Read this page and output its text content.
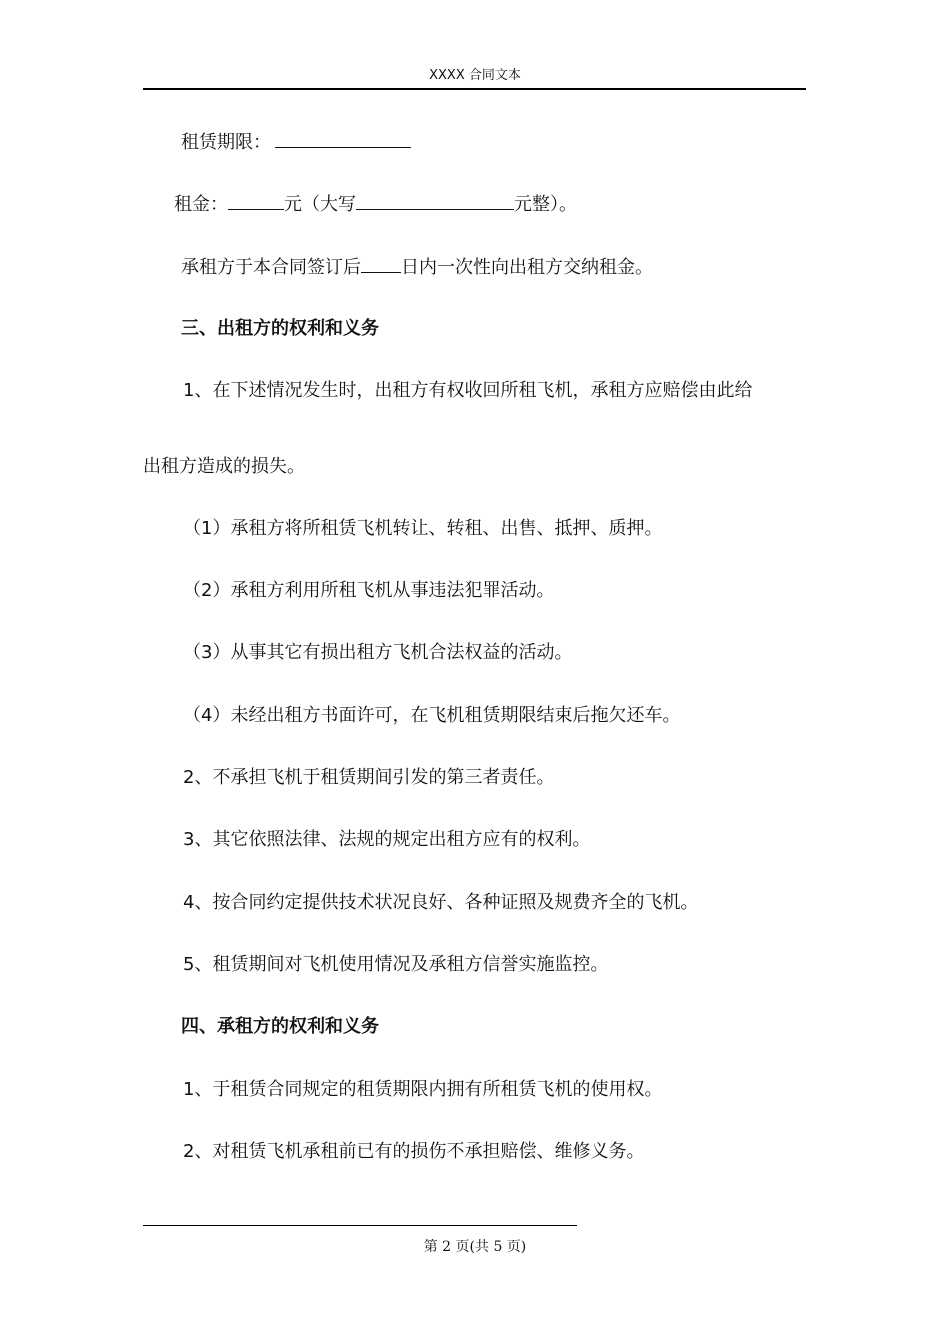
XXXX 合同文本
租赁期限：
租金：	元（大写	元整）。
承租方于本合同签订后 日内一次性向出租方交纳租金。
三、出租方的权利和义务
1、在下述情况发生时，出租方有权收回所租飞机，承租方应赔偿由此给
出租方造成的损失。
（1）承租方将所租赁飞机转让、转租、出售、抵押、质押。
（2）承租方利用所租飞机从事违法犯罪活动。
（3）从事其它有损出租方飞机合法权益的活动。
（4）未经出租方书面许可，在飞机租赁期限结束后拖欠还车。
2、不承担飞机于租赁期间引发的第三者责任。
3、其它依照法律、法规的规定出租方应有的权利。
4、按合同约定提供技术状况良好、各种证照及规费齐全的飞机。
5、租赁期间对飞机使用情况及承租方信誉实施监控。
四、承租方的权利和义务
1、于租赁合同规定的租赁期限内拥有所租赁飞机的使用权。
2、对租赁飞机承租前已有的损伤不承担赔偿、维修义务。
第 2 页(共 5 页)
